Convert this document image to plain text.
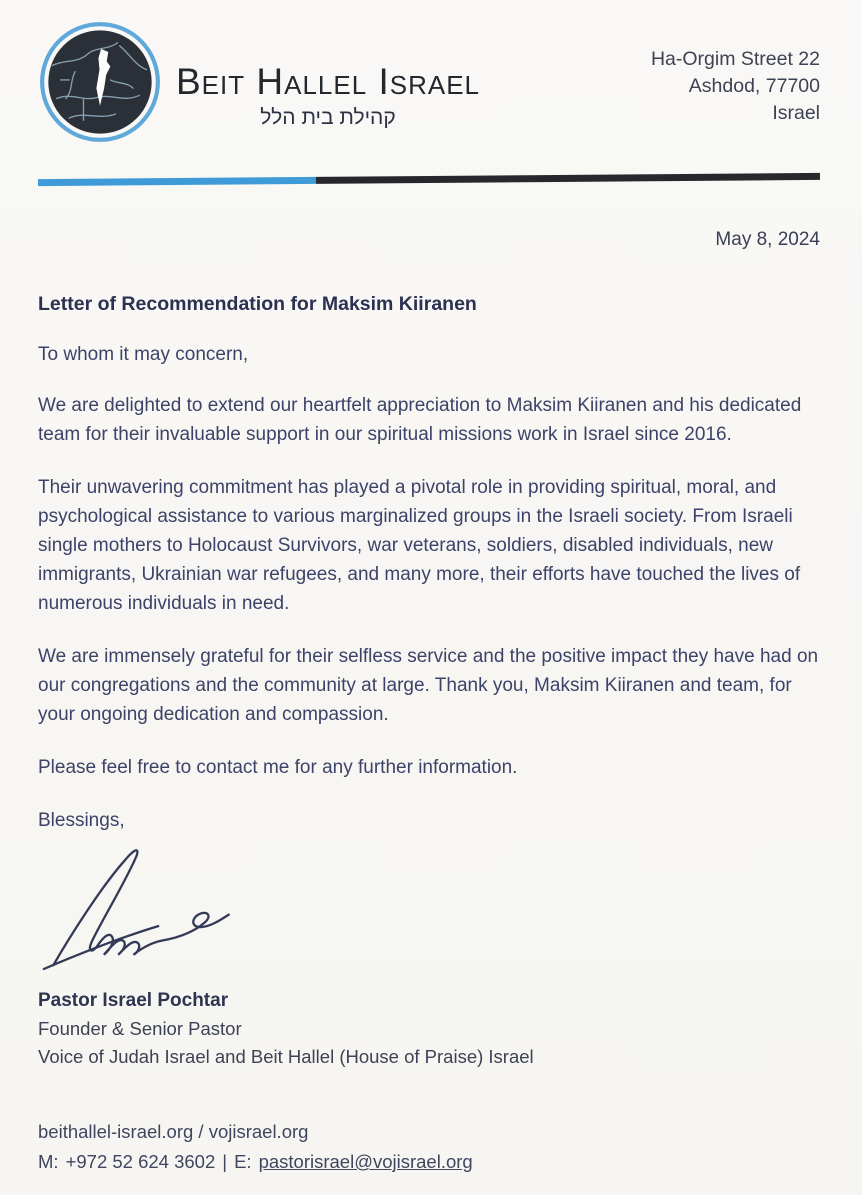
Beit Hallel Israel
קהילת בית הלל
Ha-Orgim Street 22
Ashdod, 77700
Israel
May 8, 2024
Letter of Recommendation for Maksim Kiiranen

To whom it may concern,

We are delighted to extend our heartfelt appreciation to Maksim Kiiranen and his dedicated team for their invaluable support in our spiritual missions work in Israel since 2016.

Their unwavering commitment has played a pivotal role in providing spiritual, moral, and psychological assistance to various marginalized groups in the Israeli society. From Israeli single mothers to Holocaust Survivors, war veterans, soldiers, disabled individuals, new immigrants, Ukrainian war refugees, and many more, their efforts have touched the lives of numerous individuals in need.

We are immensely grateful for their selfless service and the positive impact they have had on our congregations and the community at large. Thank you, Maksim Kiiranen and team, for your ongoing dedication and compassion.

Please feel free to contact me for any further information.

Blessings,

Pastor Israel Pochtar
Founder & Senior Pastor
Voice of Judah Israel and Beit Hallel (House of Praise) Israel
beithallel-israel.org / vojisrael.org
M: +972 52 624 3602 | E: pastorisrael@vojisrael.org
